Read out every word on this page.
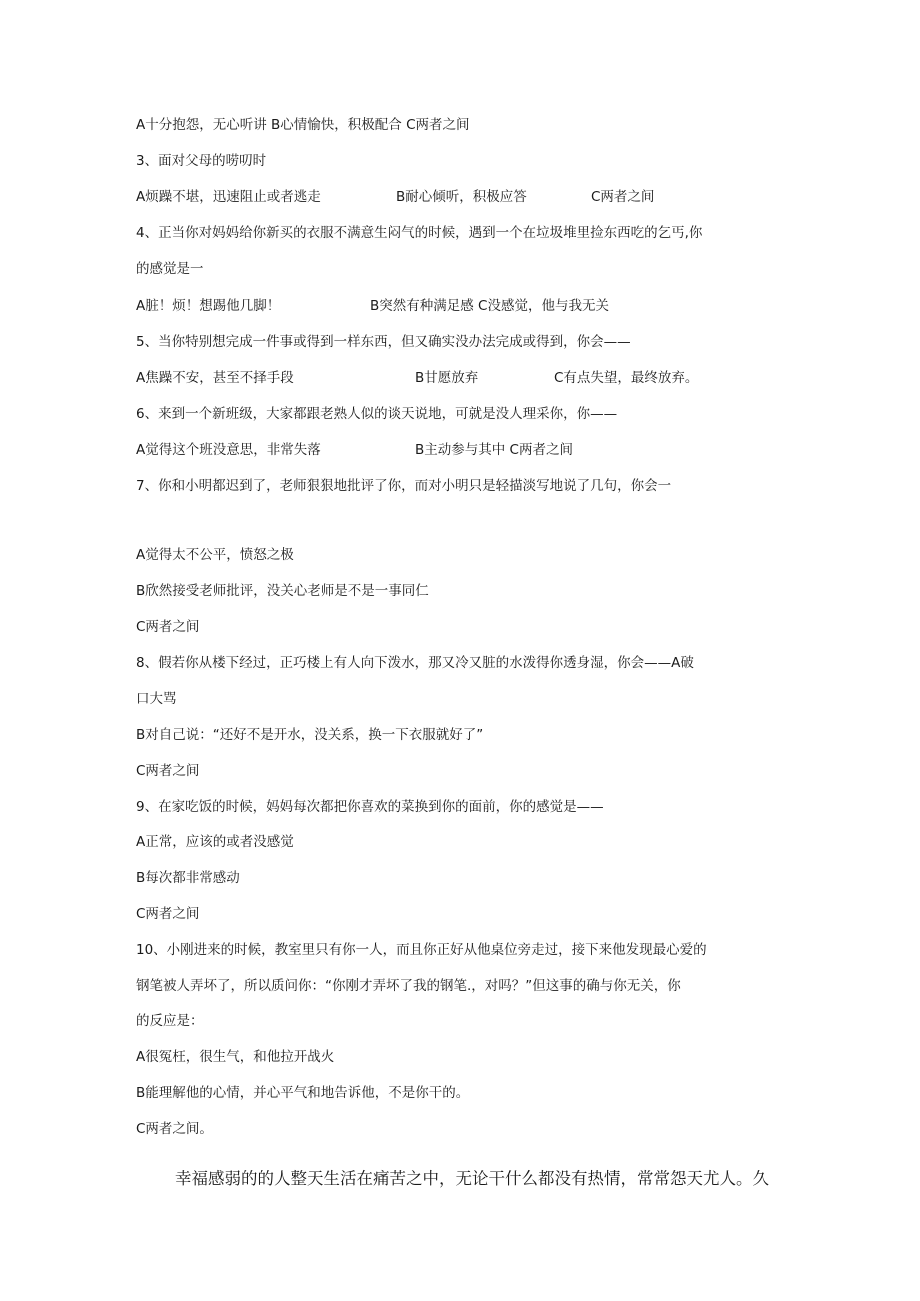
A十分抱怨，无心听讲 B心情愉快，积极配合 C两者之间
3、面对父母的唠叨时
A烦躁不堪，迅速阻止或者逃走	B耐心倾听，积极应答	C两者之间
4、正当你对妈妈给你新买的衣服不满意生闷气的时候，遇到一个在垃圾堆里捡东西吃的乞丐,你
的感觉是一
A脏！烦！想踢他几脚！	B突然有种满足感 C没感觉，他与我无关
5、当你特别想完成一件事或得到一样东西，但又确实没办法完成或得到，你会——
A焦躁不安，甚至不择手段	B甘愿放弃	C有点失望，最终放弃。
6、来到一个新班级，大家都跟老熟人似的谈天说地，可就是没人理采你，你——
A觉得这个班没意思，非常失落	B主动参与其中 C两者之间
7、你和小明都迟到了，老师狠狠地批评了你，而对小明只是轻描淡写地说了几句，你会一
A觉得太不公平，愤怒之极
B欣然接受老师批评，没关心老师是不是一事同仁
C两者之间
8、假若你从楼下经过，正巧楼上有人向下泼水，那又冷又脏的水泼得你透身湿，你会——A破
口大骂
B对自己说：“还好不是开水，没关系，换一下衣服就好了”
C两者之间
9、在家吃饭的时候，妈妈每次都把你喜欢的菜换到你的面前，你的感觉是——
A正常，应该的或者没感觉
B每次都非常感动
C两者之间
10、小刚进来的时候，教室里只有你一人，而且你正好从他桌位旁走过，接下来他发现最心爱的
钢笔被人弄坏了，所以质问你：“你刚才弄坏了我的钢笔.，对吗？”但这事的确与你无关，你
的反应是：
A很冤枉，很生气，和他拉开战火
B能理解他的心情，并心平气和地告诉他，不是你干的。
C两者之间。
幸福感弱的的人整天生活在痛苦之中，无论干什么都没有热情，常常怨天尤人。久
